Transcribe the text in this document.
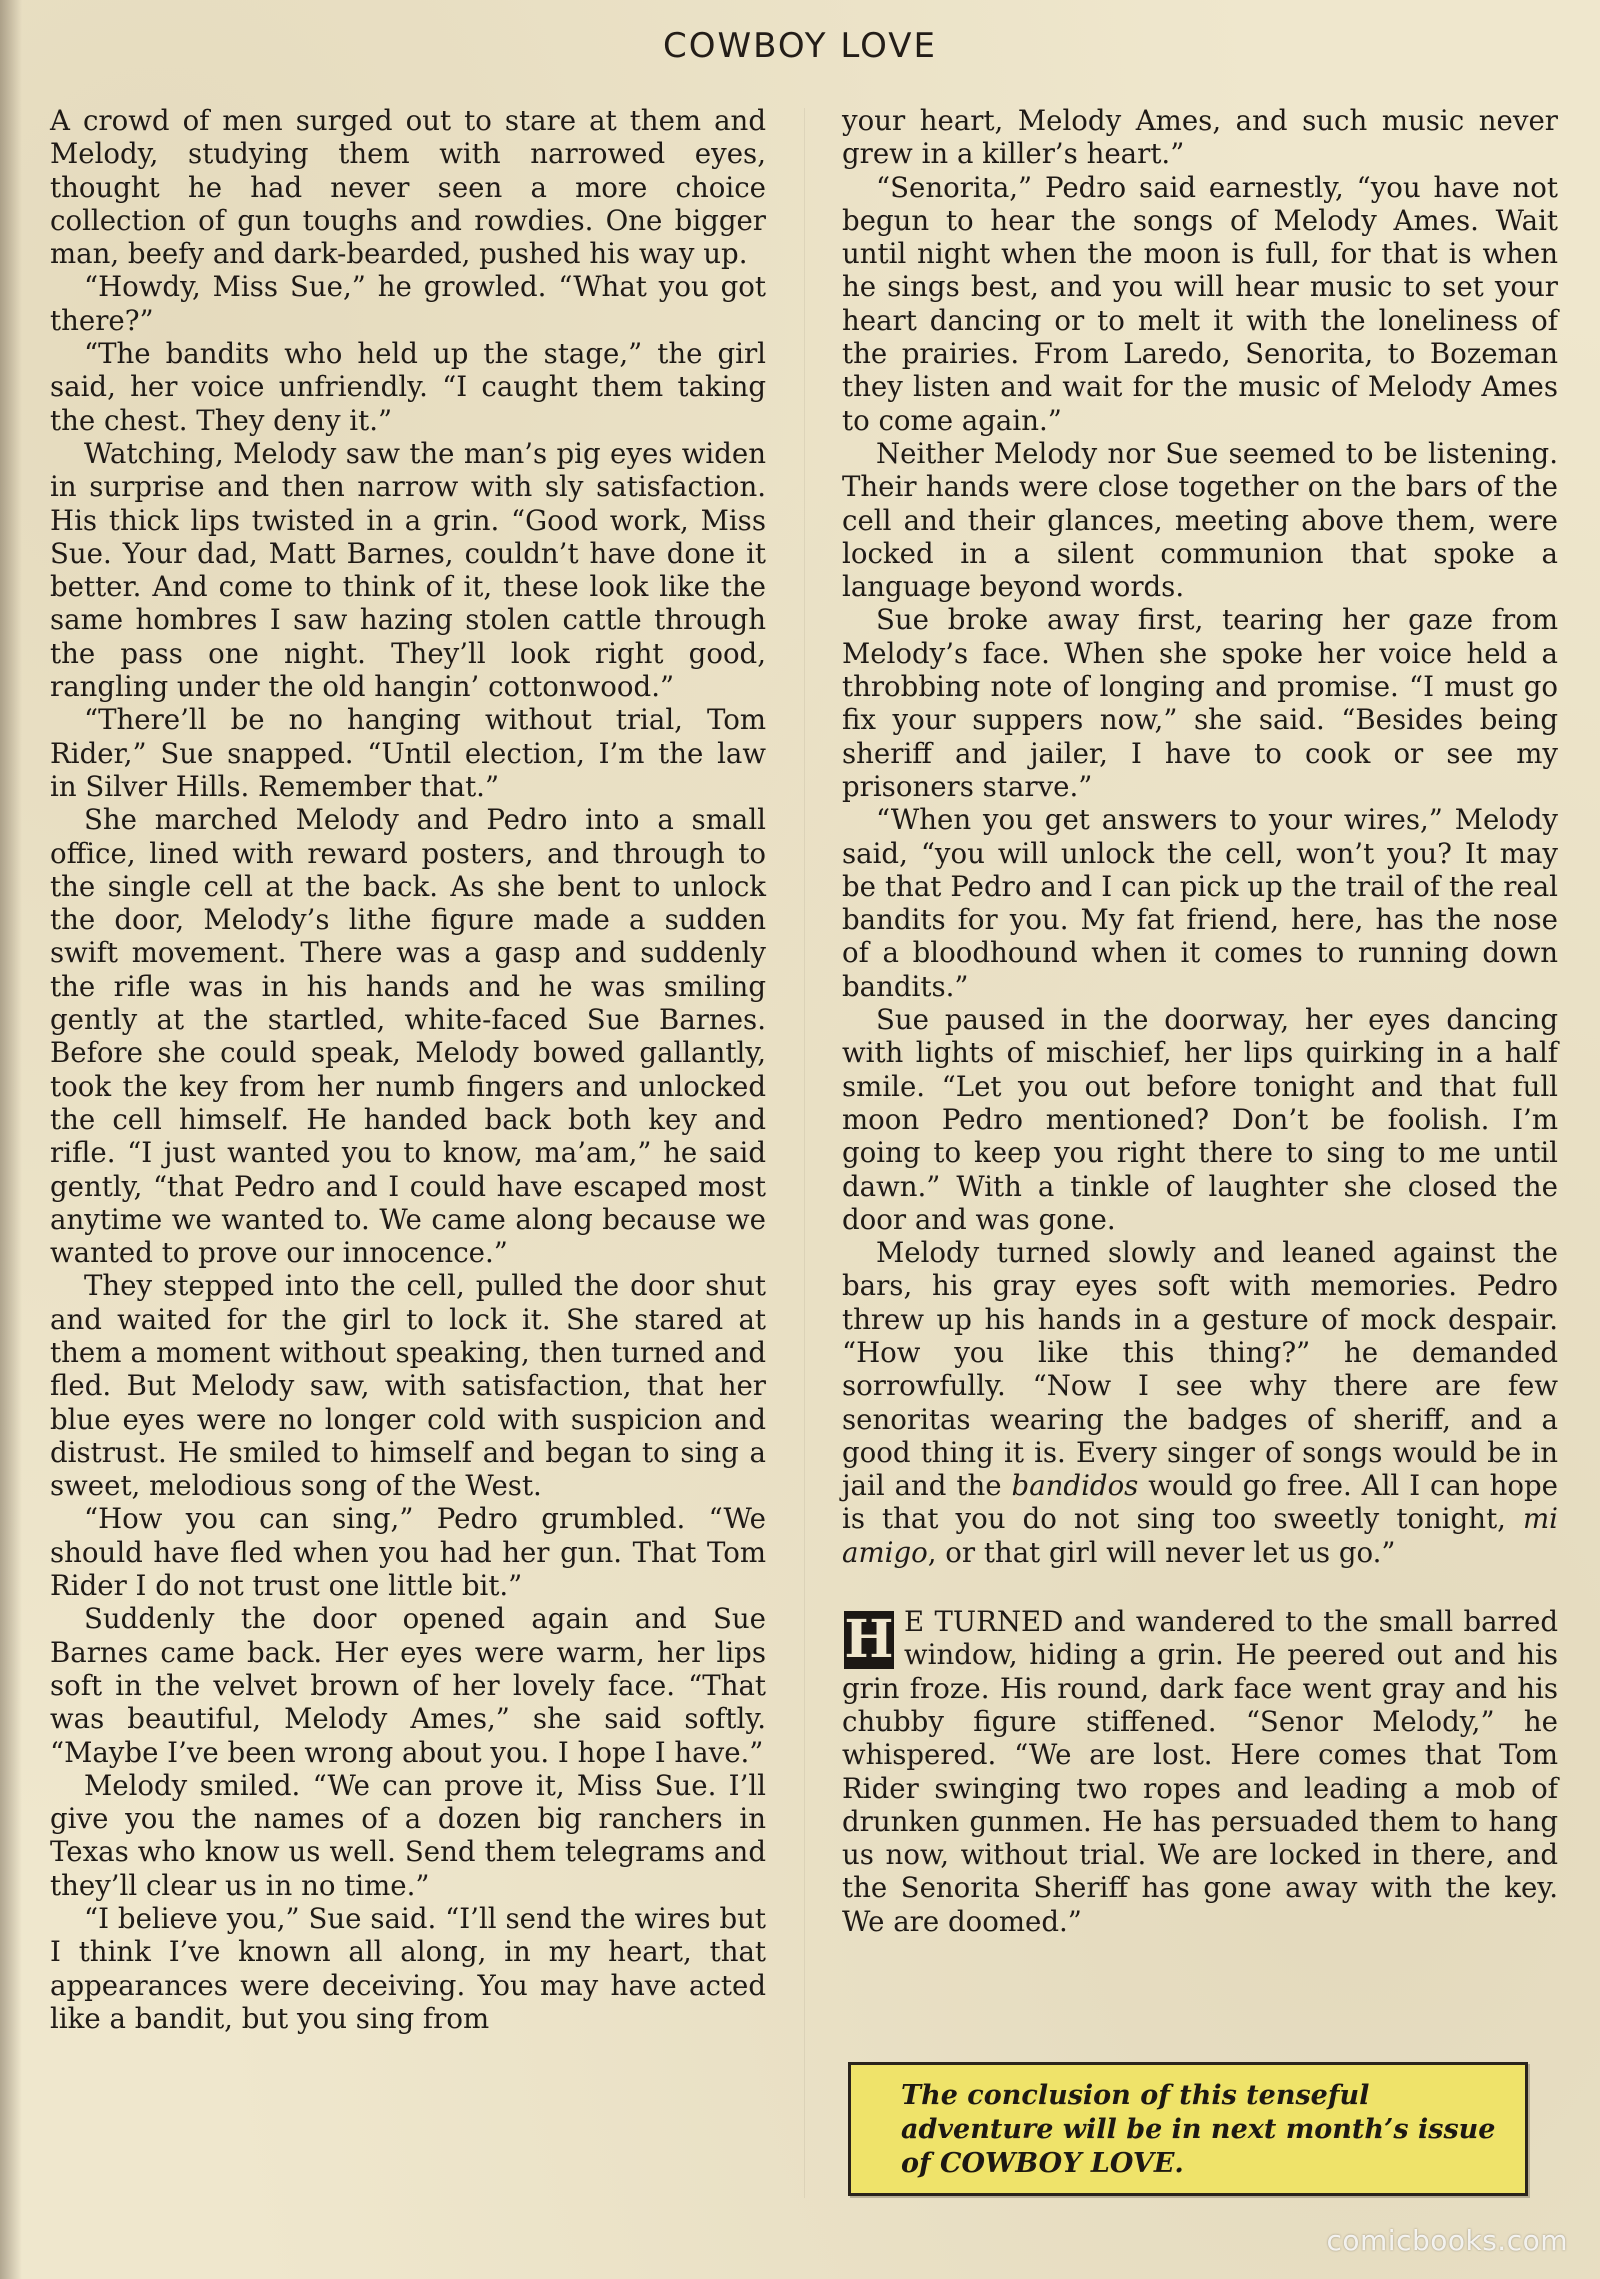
COWBOY LOVE

A crowd of men surged out to stare at them and Melody, studying them with narrowed eyes, thought he had never seen a more choice collection of gun toughs and rowdies. One bigger man, beefy and dark-bearded, pushed his way up.

“Howdy, Miss Sue,” he growled. “What you got there?”

“The bandits who held up the stage,” the girl said, her voice unfriendly. “I caught them taking the chest. They deny it.”

Watching, Melody saw the man’s pig eyes widen in surprise and then narrow with sly satisfaction. His thick lips twisted in a grin. “Good work, Miss Sue. Your dad, Matt Barnes, couldn’t have done it better. And come to think of it, these look like the same hombres I saw hazing stolen cattle through the pass one night. They’ll look right good, rangling under the old hangin’ cottonwood.”

“There’ll be no hanging without trial, Tom Rider,” Sue snapped. “Until election, I’m the law in Silver Hills. Remember that.”

She marched Melody and Pedro into a small office, lined with reward posters, and through to the single cell at the back. As she bent to unlock the door, Melody’s lithe figure made a sudden swift movement. There was a gasp and suddenly the rifle was in his hands and he was smiling gently at the startled, white-faced Sue Barnes. Before she could speak, Melody bowed gallantly, took the key from her numb fingers and unlocked the cell himself. He handed back both key and rifle. “I just wanted you to know, ma’am,” he said gently, “that Pedro and I could have escaped most anytime we wanted to. We came along because we wanted to prove our innocence.”

They stepped into the cell, pulled the door shut and waited for the girl to lock it. She stared at them a moment without speaking, then turned and fled. But Melody saw, with satisfaction, that her blue eyes were no longer cold with suspicion and distrust. He smiled to himself and began to sing a sweet, melodious song of the West.

“How you can sing,” Pedro grumbled. “We should have fled when you had her gun. That Tom Rider I do not trust one little bit.”

Suddenly the door opened again and Sue Barnes came back. Her eyes were warm, her lips soft in the velvet brown of her lovely face. “That was beautiful, Melody Ames,” she said softly. “Maybe I’ve been wrong about you. I hope I have.”

Melody smiled. “We can prove it, Miss Sue. I’ll give you the names of a dozen big ranchers in Texas who know us well. Send them telegrams and they’ll clear us in no time.”

“I believe you,” Sue said. “I’ll send the wires but I think I’ve known all along, in my heart, that appearances were deceiving. You may have acted like a bandit, but you sing from

your heart, Melody Ames, and such music never grew in a killer’s heart.”

“Senorita,” Pedro said earnestly, “you have not begun to hear the songs of Melody Ames. Wait until night when the moon is full, for that is when he sings best, and you will hear music to set your heart dancing or to melt it with the loneliness of the prairies. From Laredo, Senorita, to Bozeman they listen and wait for the music of Melody Ames to come again.”

Neither Melody nor Sue seemed to be listening. Their hands were close together on the bars of the cell and their glances, meeting above them, were locked in a silent communion that spoke a language beyond words.

Sue broke away first, tearing her gaze from Melody’s face. When she spoke her voice held a throbbing note of longing and promise. “I must go fix your suppers now,” she said. “Besides being sheriff and jailer, I have to cook or see my prisoners starve.”

“When you get answers to your wires,” Melody said, “you will unlock the cell, won’t you? It may be that Pedro and I can pick up the trail of the real bandits for you. My fat friend, here, has the nose of a bloodhound when it comes to running down bandits.”

Sue paused in the doorway, her eyes dancing with lights of mischief, her lips quirking in a half smile. “Let you out before tonight and that full moon Pedro mentioned? Don’t be foolish. I’m going to keep you right there to sing to me until dawn.” With a tinkle of laughter she closed the door and was gone.

Melody turned slowly and leaned against the bars, his gray eyes soft with memories. Pedro threw up his hands in a gesture of mock despair. “How you like this thing?” he demanded sorrowfully. “Now I see why there are few senoritas wearing the badges of sheriff, and a good thing it is. Every singer of songs would be in jail and the bandidos would go free. All I can hope is that you do not sing too sweetly tonight, mi amigo, or that girl will never let us go.”

H E TURNED and wandered to the small barred window, hiding a grin. He peered out and his grin froze. His round, dark face went gray and his chubby figure stiffened. “Senor Melody,” he whispered. “We are lost. Here comes that Tom Rider swinging two ropes and leading a mob of drunken gunmen. He has persuaded them to hang us now, without trial. We are locked in there, and the Senorita Sheriff has gone away with the key. We are doomed.”

The conclusion of this tenseful adventure will be in next month’s issue of COWBOY LOVE.
comicbooks.com
